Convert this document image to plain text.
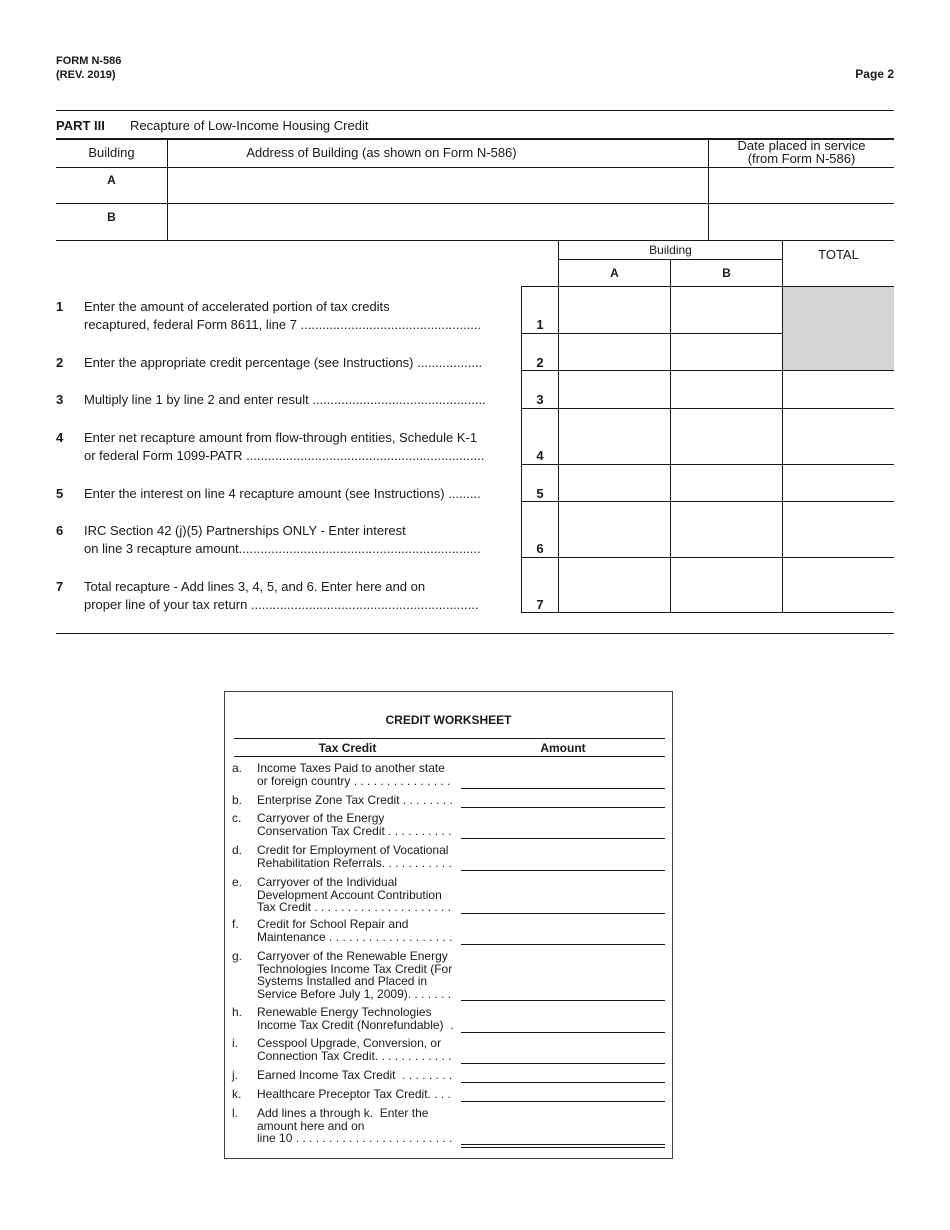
FORM N-586
(REV. 2019)	Page 2
PART III Recapture of Low-Income Housing Credit
Building	Address of Building (as shown on Form N-586)	Date placed in service
(from Form N-586)
A
B
Building
A	B
TOTAL
1 Enter the amount of accelerated portion of tax credits
recaptured, federal Form 8611, line 7 ..................................................	1
2 Enter the appropriate credit percentage (see Instructions) ..................	2
3 Multiply line 1 by line 2 and enter result ................................................	3
4 Enter net recapture amount from flow-through entities, Schedule K-1
or federal Form 1099-PATR ..................................................................	4
5 Enter the interest on line 4 recapture amount (see Instructions) .........	5
6 IRC Section 42 (j)(5) Partnerships ONLY - Enter interest
on line 3 recapture amount...................................................................	6
7 Total recapture - Add lines 3, 4, 5, and 6. Enter here and on
proper line of your tax return ...............................................................	7
CREDIT WORKSHEET
Tax Credit	Amount
a.	Income Taxes Paid to another state
or foreign country . . . . . . . . . . . . . . .
b.	Enterprise Zone Tax Credit . . . . . . . .
c.	Carryover of the Energy
Conservation Tax Credit . . . . . . . . . .
d.	Credit for Employment of Vocational
Rehabilitation Referrals. . . . . . . . . . .
e.	Carryover of the Individual
Development Account Contribution
Tax Credit . . . . . . . . . . . . . . . . . . . . .
f.	Credit for School Repair and
Maintenance . . . . . . . . . . . . . . . . . . .
g.	Carryover of the Renewable Energy
Technologies Income Tax Credit (For
Systems Installed and Placed in
Service Before July 1, 2009). . . . . . .
h.	Renewable Energy Technologies
Income Tax Credit (Nonrefundable)  .
i.	Cesspool Upgrade, Conversion, or
Connection Tax Credit. . . . . . . . . . . .
j.	Earned Income Tax Credit  . . . . . . . .
k.	Healthcare Preceptor Tax Credit. . . .
l.	Add lines a through k.  Enter the
amount here and on
line 10 . . . . . . . . . . . . . . . . . . . . . . . .
